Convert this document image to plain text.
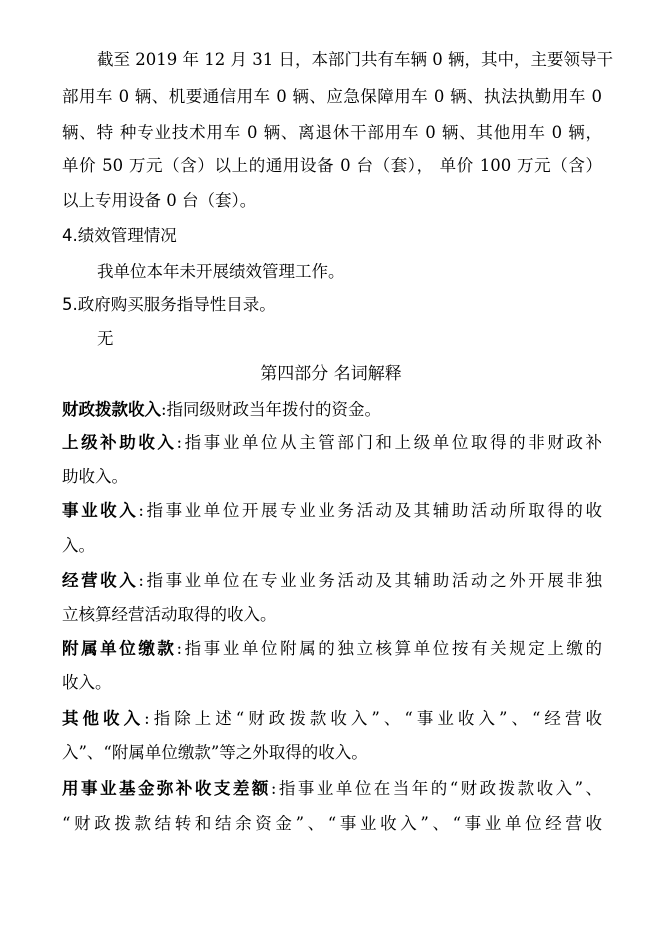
截至 2019 年 12 月 31 日，本部门共有车辆 0 辆，其中，主要领导干
部用车 0 辆、机要通信用车 0 辆、应急保障用车 0 辆、执法执勤用车 0
辆、特 种专业技术用车 0 辆、离退休干部用车 0 辆、其他用车 0 辆，
单价 50 万元（含）以上的通用设备 0 台（套）， 单价 100 万元（含）
以上专用设备 0 台（套）。
4.绩效管理情况
我单位本年未开展绩效管理工作。
5.政府购买服务指导性目录。
无
第四部分 名词解释
财政拨款收入:指同级财政当年拨付的资金。
上级补助收入:指事业单位从主管部门和上级单位取得的非财政补
助收入。
事业收入:指事业单位开展专业业务活动及其辅助活动所取得的收
入。
经营收入:指事业单位在专业业务活动及其辅助活动之外开展非独
立核算经营活动取得的收入。
附属单位缴款:指事业单位附属的独立核算单位按有关规定上缴的
收入。
其他收入:指除上述“财政拨款收入”、“事业收入”、“经营收
入”、“附属单位缴款”等之外取得的收入。
用事业基金弥补收支差额:指事业单位在当年的“财政拨款收入”、
“财政拨款结转和结余资金”、“事业收入”、“事业单位经营收
